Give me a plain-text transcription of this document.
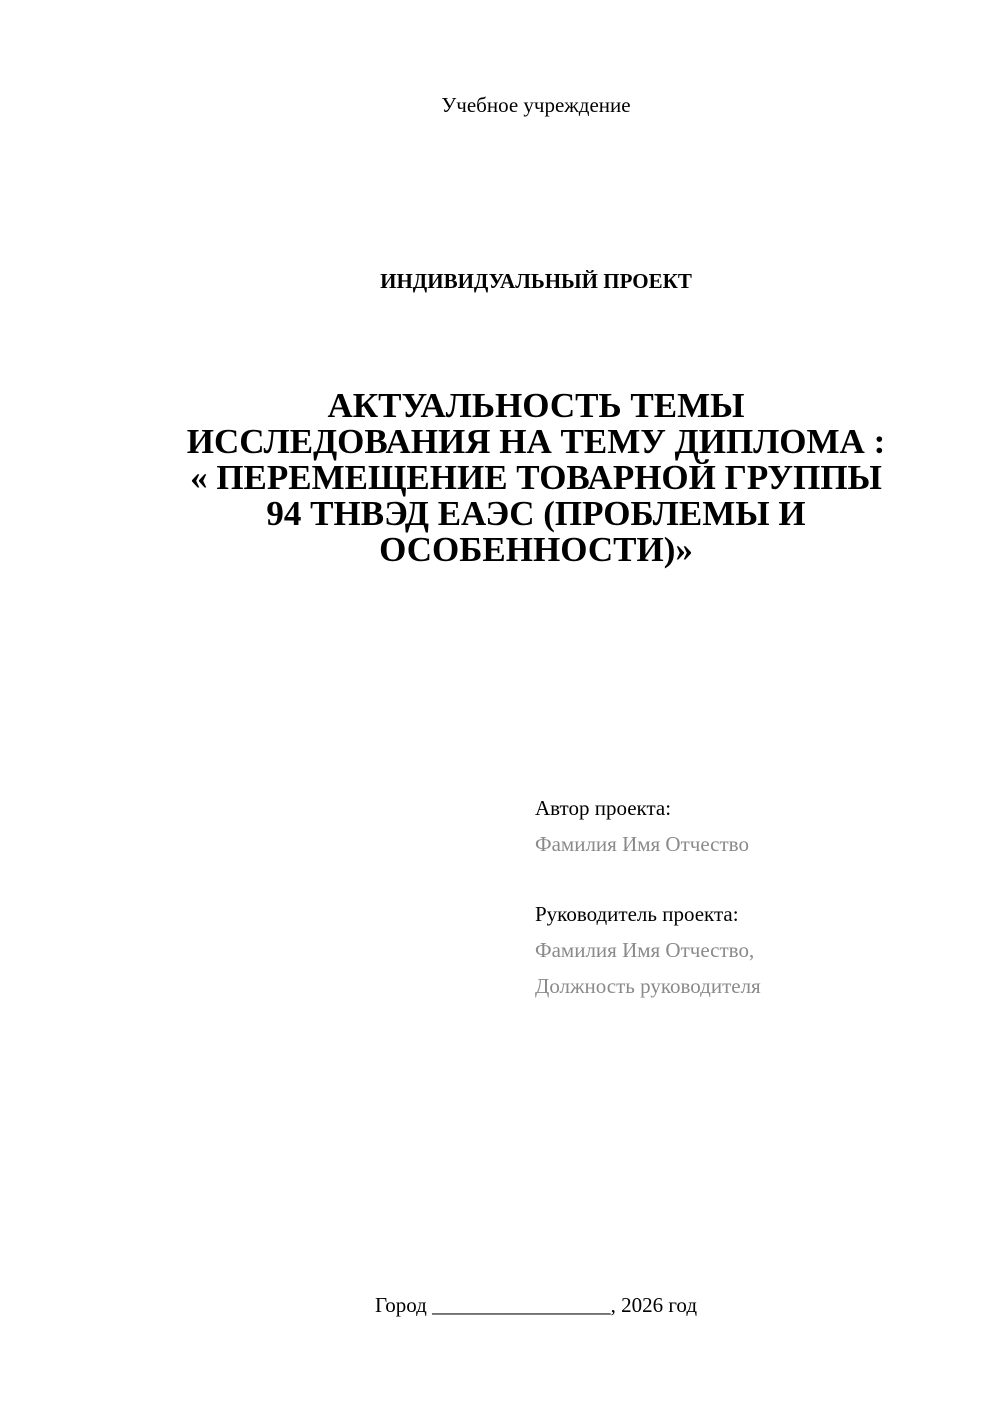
Учебное учреждение
ИНДИВИДУАЛЬНЫЙ ПРОЕКТ
АКТУАЛЬНОСТЬ ТЕМЫ
ИССЛЕДОВАНИЯ НА ТЕМУ ДИПЛОМА :
« ПЕРЕМЕЩЕНИЕ ТОВАРНОЙ ГРУППЫ
94 ТНВЭД ЕАЭС (ПРОБЛЕМЫ И
ОСОБЕННОСТИ)»
Автор проекта:
Фамилия Имя Отчество
Руководитель проекта:
Фамилия Имя Отчество,
Должность руководителя
Город _________________, 2026 год
